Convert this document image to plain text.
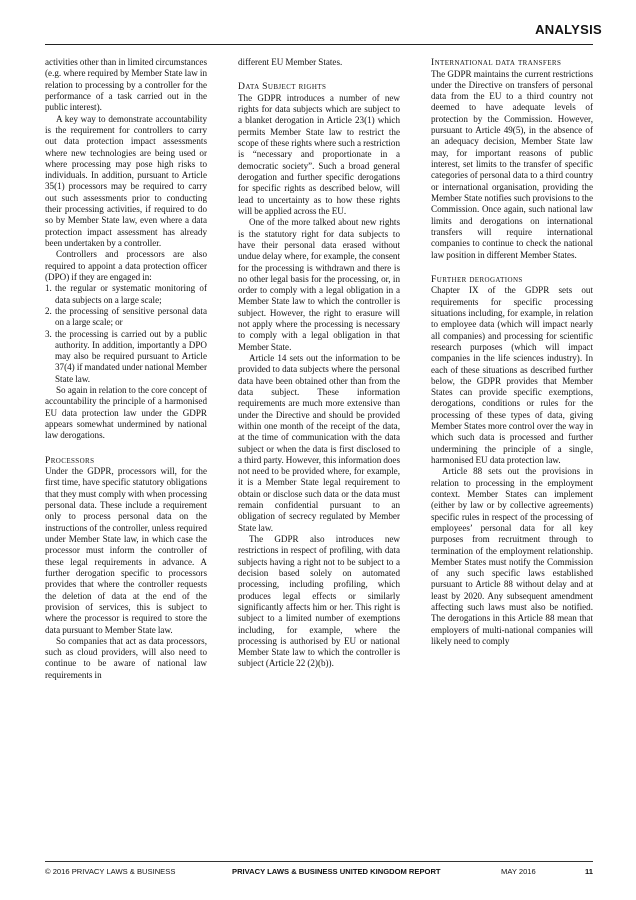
ANALYSIS

activities other than in limited circumstances (e.g. where required by Member State law in relation to processing by a controller for the performance of a task carried out in the public interest).

A key way to demonstrate accountability is the requirement for controllers to carry out data protection impact assessments where new technologies are being used or where processing may pose high risks to individuals. In addition, pursuant to Article 35(1) processors may be required to carry out such assessments prior to conducting their processing activities, if required to do so by Member State law, even where a data protection impact assessment has already been undertaken by a controller.

Controllers and processors are also required to appoint a data protection officer (DPO) if they are engaged in:

1. the regular or systematic monitoring of data subjects on a large scale;
2. the processing of sensitive personal data on a large scale; or
3. the processing is carried out by a public authority. In addition, importantly a DPO may also be required pursuant to Article 37(4) if mandated under national Member State law.

So again in relation to the core concept of accountability the principle of a harmonised EU data protection law under the GDPR appears somewhat undermined by national law derogations.

Processors

Under the GDPR, processors will, for the first time, have specific statutory obligations that they must comply with when processing personal data. These include a requirement only to process personal data on the instructions of the controller, unless required under Member State law, in which case the processor must inform the controller of these legal requirements in advance. A further derogation specific to processors provides that where the controller requests the deletion of data at the end of the provision of services, this is subject to where the processor is required to store the data pursuant to Member State law.

So companies that act as data processors, such as cloud providers, will also need to continue to be aware of national law requirements in

different EU Member States.

Data Subject rights

The GDPR introduces a number of new rights for data subjects which are subject to a blanket derogation in Article 23(1) which permits Member State law to restrict the scope of these rights where such a restriction is “necessary and proportionate in a democratic society”. Such a broad general derogation and further specific derogations for specific rights as described below, will lead to uncertainty as to how these rights will be applied across the EU.

One of the more talked about new rights is the statutory right for data subjects to have their personal data erased without undue delay where, for example, the consent for the processing is withdrawn and there is no other legal basis for the processing, or, in order to comply with a legal obligation in a Member State law to which the controller is subject. However, the right to erasure will not apply where the processing is necessary to comply with a legal obligation in that Member State.

Article 14 sets out the information to be provided to data subjects where the personal data have been obtained other than from the data subject. These information requirements are much more extensive than under the Directive and should be provided within one month of the receipt of the data, at the time of communication with the data subject or when the data is first disclosed to a third party. However, this information does not need to be provided where, for example, it is a Member State legal requirement to obtain or disclose such data or the data must remain confidential pursuant to an obligation of secrecy regulated by Member State law.

The GDPR also introduces new restrictions in respect of profiling, with data subjects having a right not to be subject to a decision based solely on automated processing, including profiling, which produces legal effects or similarly significantly affects him or her. This right is subject to a limited number of exemptions including, for example, where the processing is authorised by EU or national Member State law to which the controller is subject (Article 22 (2)(b)).

International data transfers

The GDPR maintains the current restrictions under the Directive on transfers of personal data from the EU to a third country not deemed to have adequate levels of protection by the Commission. However, pursuant to Article 49(5), in the absence of an adequacy decision, Member State law may, for important reasons of public interest, set limits to the transfer of specific categories of personal data to a third country or international organisation, providing the Member State notifies such provisions to the Commission. Once again, such national law limits and derogations on international transfers will require international companies to continue to check the national law position in different Member States.

Further derogations

Chapter IX of the GDPR sets out requirements for specific processing situations including, for example, in relation to employee data (which will impact nearly all companies) and processing for scientific research purposes (which will impact companies in the life sciences industry). In each of these situations as described further below, the GDPR provides that Member States can provide specific exemptions, derogations, conditions or rules for the processing of these types of data, giving Member States more control over the way in which such data is processed and further undermining the principle of a single, harmonised EU data protection law.

Article 88 sets out the provisions in relation to processing in the employment context. Member States can implement (either by law or by collective agreements) specific rules in respect of the processing of employees’ personal data for all key purposes from recruitment through to termination of the employment relationship. Member States must notify the Commission of any such specific laws established pursuant to Article 88 without delay and at least by 2020. Any subsequent amendment affecting such laws must also be notified. The derogations in this Article 88 mean that employers of multi-national companies will likely need to comply

© 2016 PRIVACY LAWS & BUSINESS	PRIVACY LAWS & BUSINESS UNITED KINGDOM REPORT	MAY 2016	11
